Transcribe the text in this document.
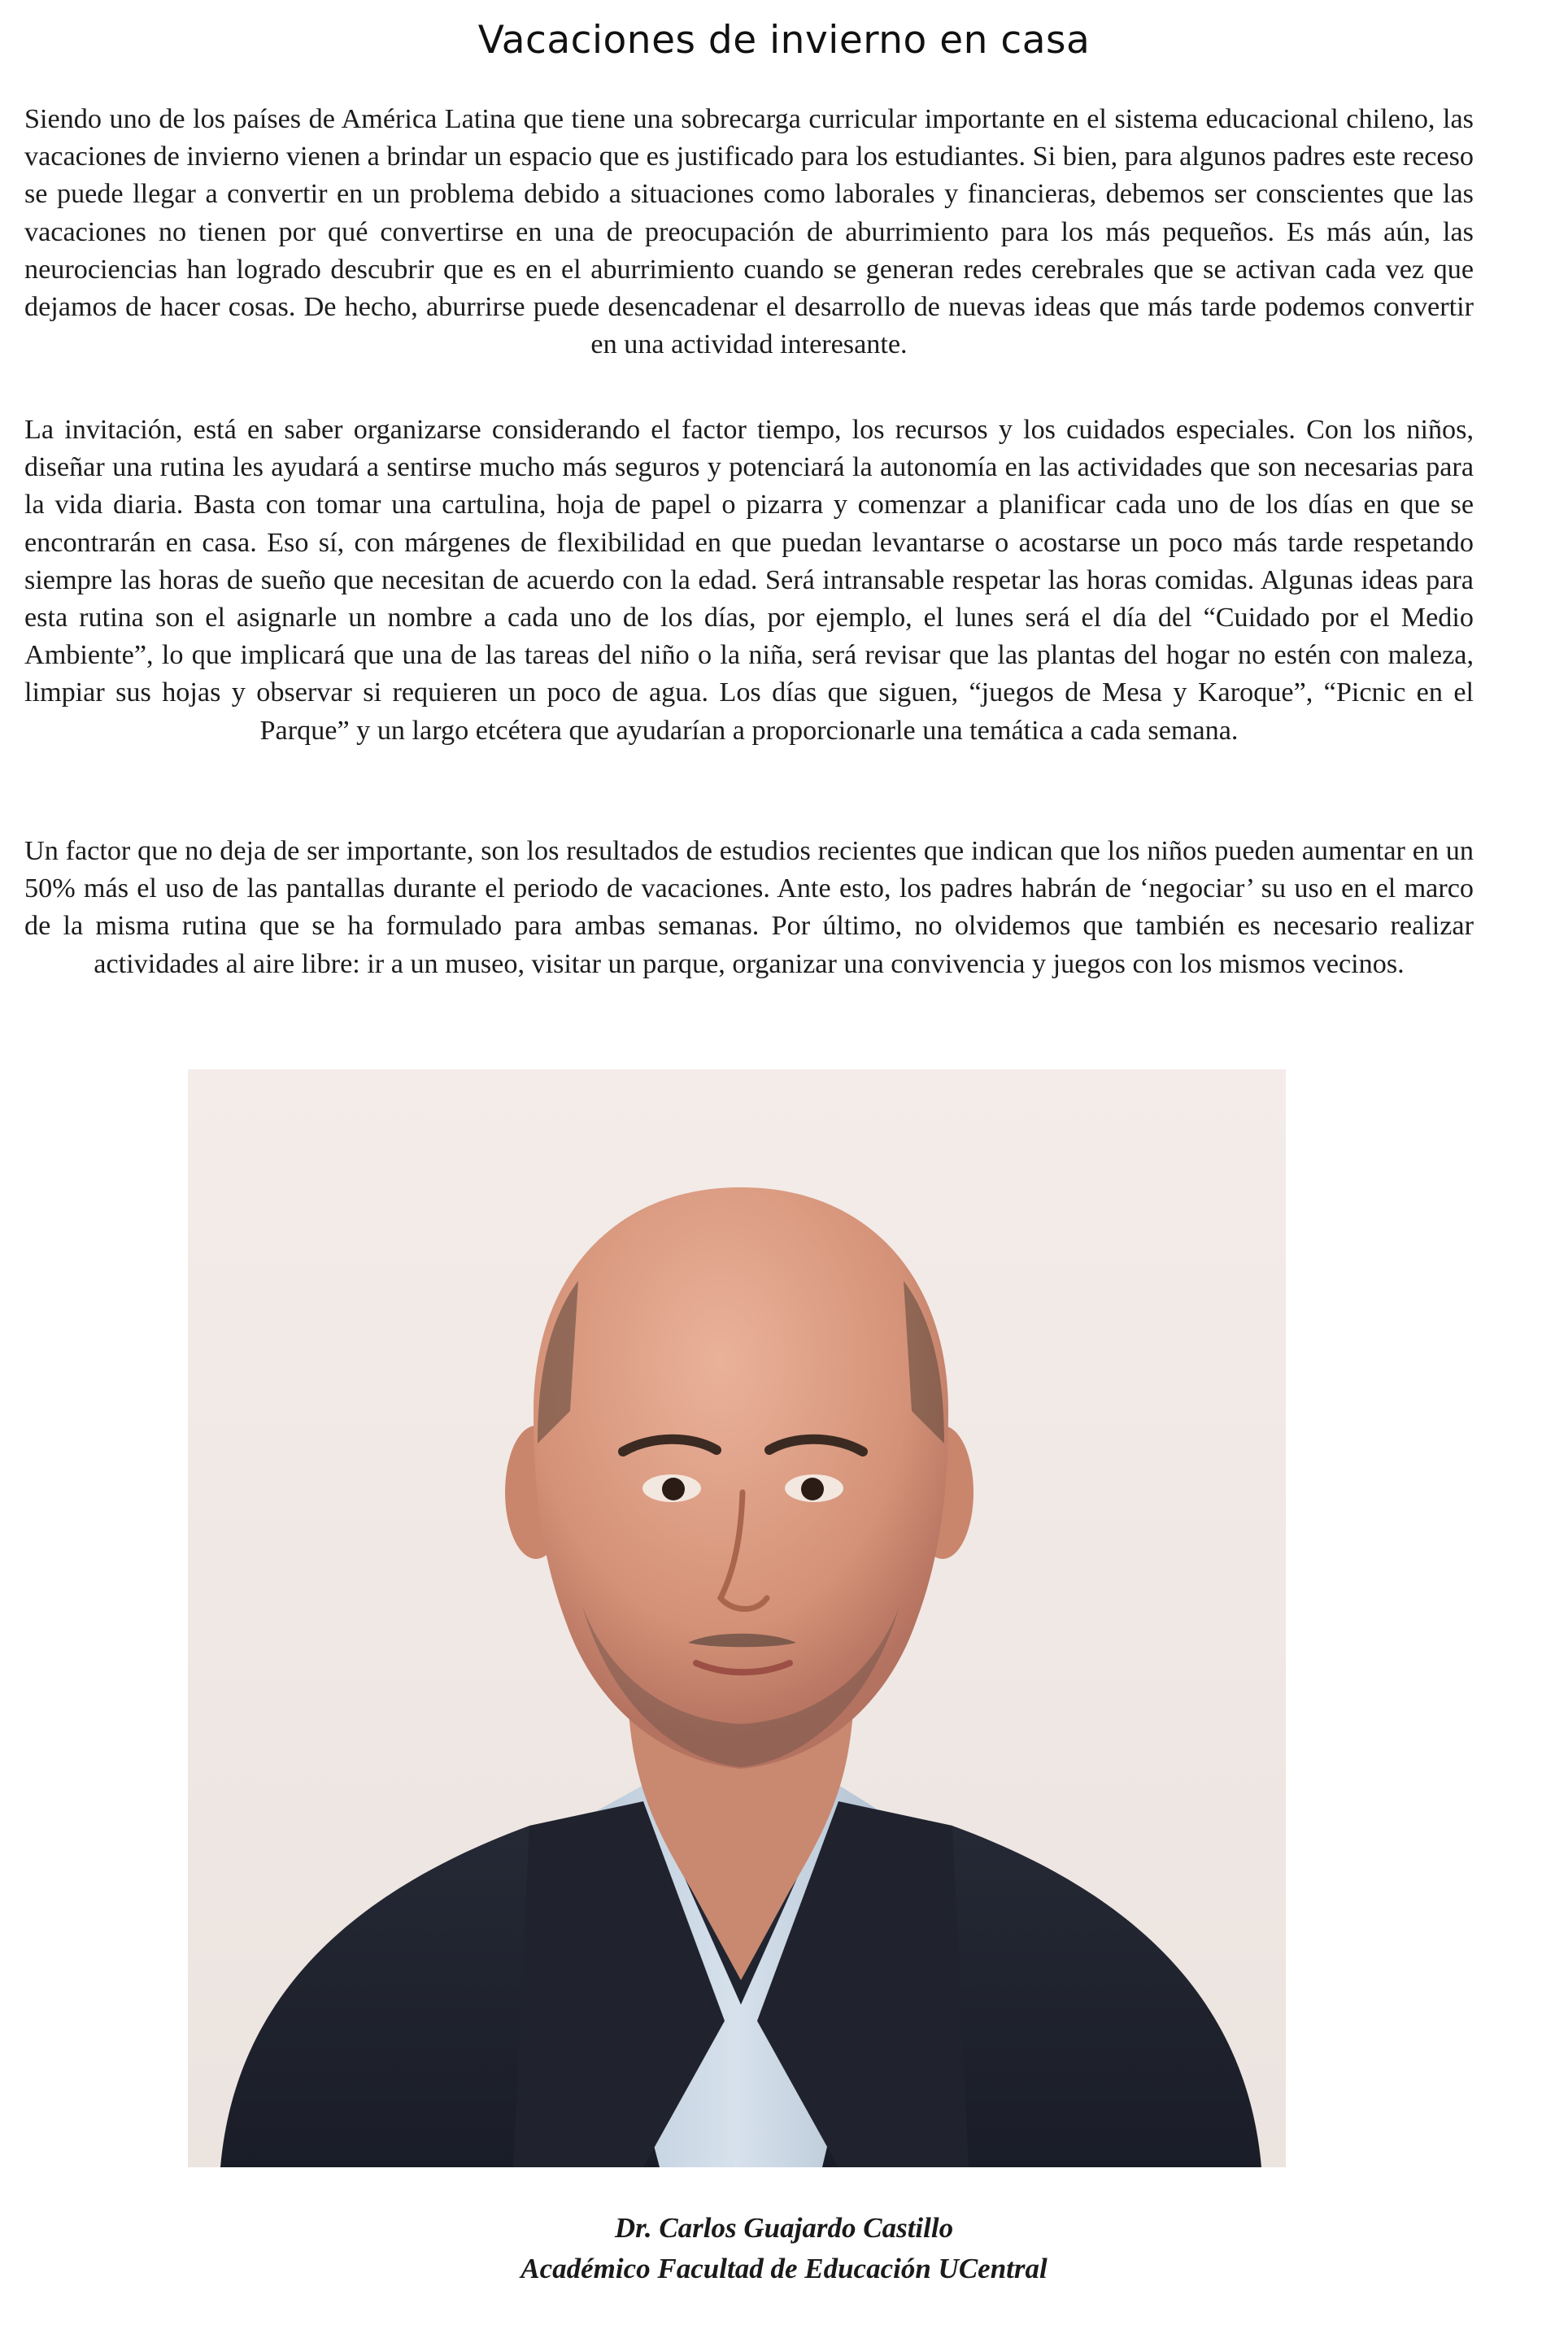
Vacaciones de invierno en casa

Siendo uno de los países de América Latina que tiene una sobrecarga curricular importante en el sistema educacional chileno, las vacaciones de invierno vienen a brindar un espacio que es justificado para los estudiantes. Si bien, para algunos padres este receso se puede llegar a convertir en un problema debido a situaciones como laborales y financieras, debemos ser conscientes que las vacaciones no tienen por qué convertirse en una de preocupación de aburrimiento para los más pequeños. Es más aún, las neurociencias han logrado descubrir que es en el aburrimiento cuando se generan redes cerebrales que se activan cada vez que dejamos de hacer cosas. De hecho, aburrirse puede desencadenar el desarrollo de nuevas ideas que más tarde podemos convertir en una actividad interesante.

La invitación, está en saber organizarse considerando el factor tiempo, los recursos y los cuidados especiales. Con los niños, diseñar una rutina les ayudará a sentirse mucho más seguros y potenciará la autonomía en las actividades que son necesarias para la vida diaria. Basta con tomar una cartulina, hoja de papel o pizarra y comenzar a planificar cada uno de los días en que se encontrarán en casa. Eso sí, con márgenes de flexibilidad en que puedan levantarse o acostarse un poco más tarde respetando siempre las horas de sueño que necesitan de acuerdo con la edad. Será intransable respetar las horas comidas. Algunas ideas para esta rutina son el asignarle un nombre a cada uno de los días, por ejemplo, el lunes será el día del “Cuidado por el Medio Ambiente”, lo que implicará que una de las tareas del niño o la niña, será revisar que las plantas del hogar no estén con maleza, limpiar sus hojas y observar si requieren un poco de agua. Los días que siguen, “juegos de Mesa y Karoque”, “Picnic en el Parque” y un largo etcétera que ayudarían a proporcionarle una temática a cada semana.

Un factor que no deja de ser importante, son los resultados de estudios recientes que indican que los niños pueden aumentar en un 50% más el uso de las pantallas durante el periodo de vacaciones. Ante esto, los padres habrán de ‘negociar’ su uso en el marco de la misma rutina que se ha formulado para ambas semanas. Por último, no olvidemos que también es necesario realizar actividades al aire libre: ir a un museo, visitar un parque, organizar una convivencia y juegos con los mismos vecinos.

Dr. Carlos Guajardo Castillo

Académico Facultad de Educación UCentral
